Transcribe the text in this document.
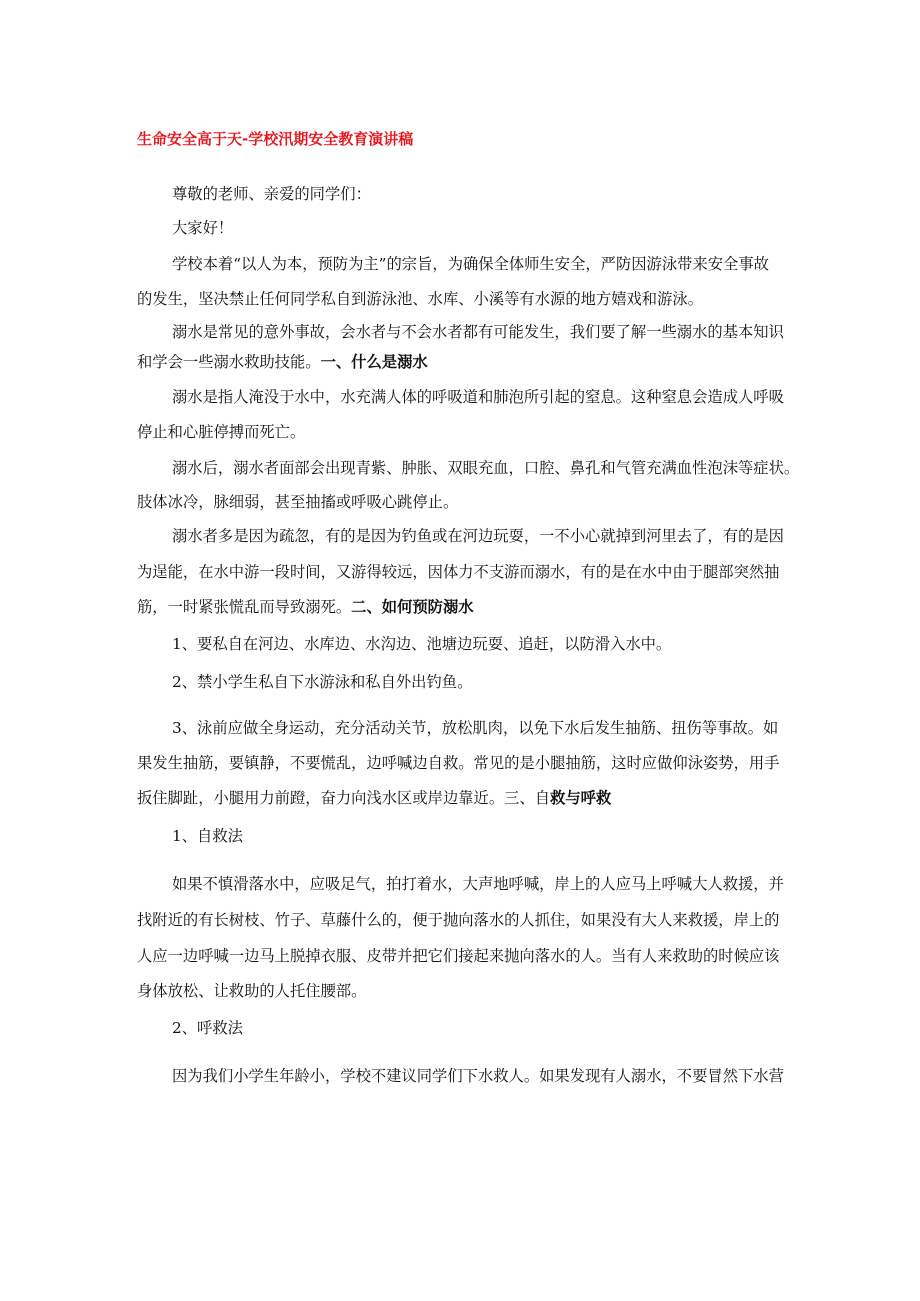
生命安全高于天-学校汛期安全教育演讲稿
尊敬的老师、亲爱的同学们：
大家好！
学校本着“以人为本，预防为主”的宗旨，为确保全体师生安全，严防因游泳带来安全事故
的发生，坚决禁止任何同学私自到游泳池、水库、小溪等有水源的地方嬉戏和游泳。
溺水是常见的意外事故，会水者与不会水者都有可能发生，我们要了解一些溺水的基本知识
和学会一些溺水救助技能。一、什么是溺水
溺水是指人淹没于水中，水充满人体的呼吸道和肺泡所引起的窒息。这种窒息会造成人呼吸
停止和心脏停搏而死亡。
溺水后，溺水者面部会出现青紫、肿胀、双眼充血，口腔、鼻孔和气管充满血性泡沫等症状。
肢体冰冷，脉细弱，甚至抽搐或呼吸心跳停止。
溺水者多是因为疏忽，有的是因为钓鱼或在河边玩耍，一不小心就掉到河里去了，有的是因
为逞能，在水中游一段时间，又游得较远，因体力不支游而溺水，有的是在水中由于腿部突然抽
筋，一时紧张慌乱而导致溺死。二、如何预防溺水
1、要私自在河边、水库边、水沟边、池塘边玩耍、追赶，以防滑入水中。
2、禁小学生私自下水游泳和私自外出钓鱼。
3、泳前应做全身运动，充分活动关节，放松肌肉，以免下水后发生抽筋、扭伤等事故。如
果发生抽筋，要镇静，不要慌乱，边呼喊边自救。常见的是小腿抽筋，这时应做仰泳姿势，用手
扳住脚趾，小腿用力前蹬，奋力向浅水区或岸边靠近。三、自救与呼救
1、自救法
如果不慎滑落水中，应吸足气，拍打着水，大声地呼喊，岸上的人应马上呼喊大人救援，并
找附近的有长树枝、竹子、草藤什么的，便于抛向落水的人抓住，如果没有大人来救援，岸上的
人应一边呼喊一边马上脱掉衣服、皮带并把它们接起来抛向落水的人。当有人来救助的时候应该
身体放松、让救助的人托住腰部。
2、呼救法
因为我们小学生年龄小，学校不建议同学们下水救人。如果发现有人溺水，不要冒然下水营
